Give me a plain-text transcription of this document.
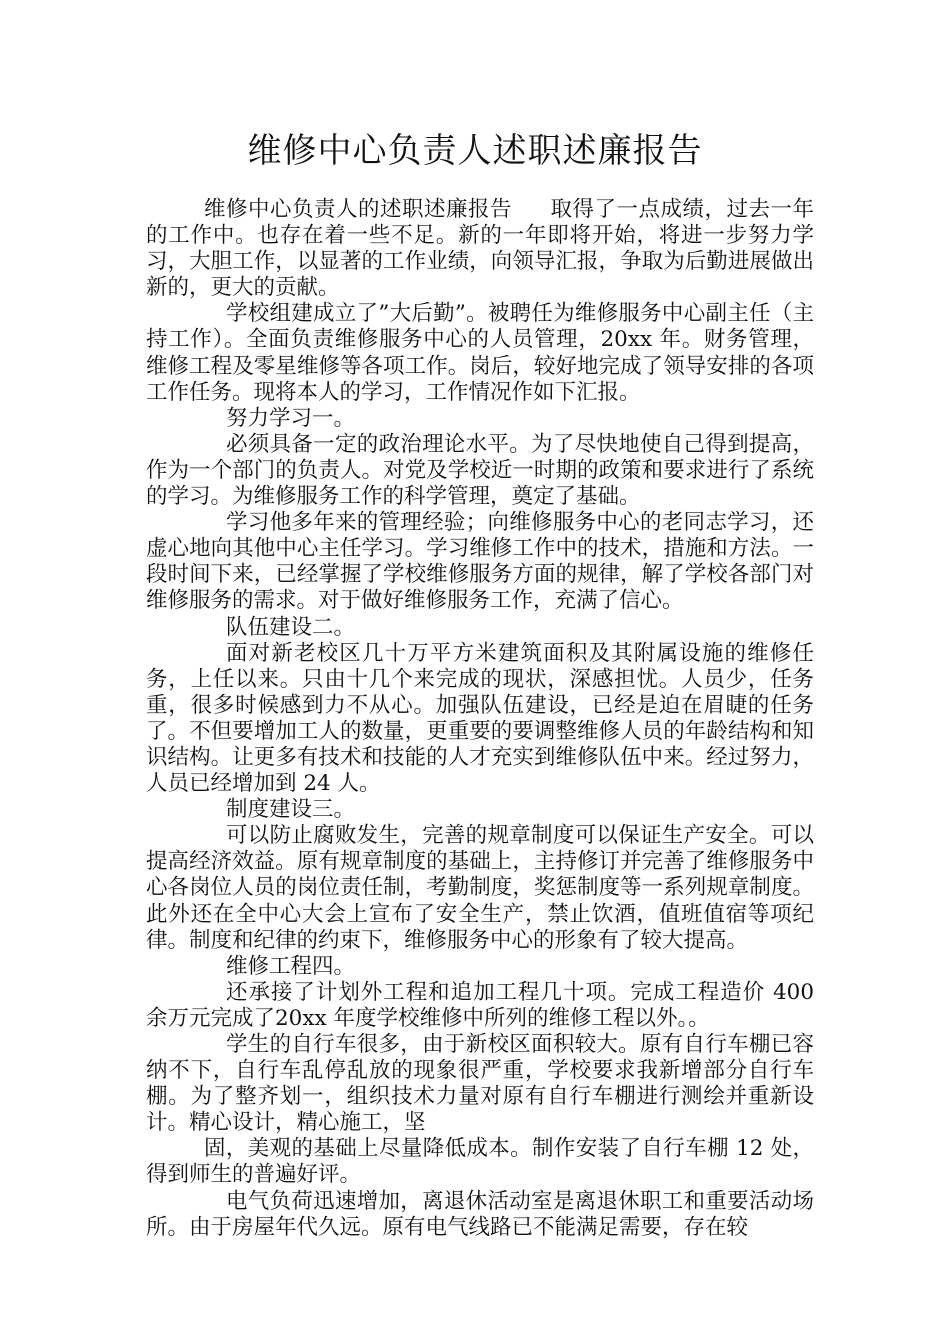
维修中心负责人述职述廉报告

维修中心负责人的述职述廉报告 取得了一点成绩，过去一年的工作中。也存在着一些不足。新的一年即将开始，将进一步努力学习，大胆工作，以显著的工作业绩，向领导汇报，争取为后勤进展做出新的，更大的贡献。

学校组建成立了”大后勤”。被聘任为维修服务中心副主任（主持工作）。全面负责维修服务中心的人员管理，20xx 年。财务管理，维修工程及零星维修等各项工作。岗后，较好地完成了领导安排的各项工作任务。现将本人的学习，工作情况作如下汇报。

努力学习一。

必须具备一定的政治理论水平。为了尽快地使自己得到提高，作为一个部门的负责人。对党及学校近一时期的政策和要求进行了系统的学习。为维修服务工作的科学管理，奠定了基础。

学习他多年来的管理经验；向维修服务中心的老同志学习，还虚心地向其他中心主任学习。学习维修工作中的技术，措施和方法。一段时间下来，已经掌握了学校维修服务方面的规律，解了学校各部门对维修服务的需求。对于做好维修服务工作，充满了信心。

队伍建设二。

面对新老校区几十万平方米建筑面积及其附属设施的维修任务，上任以来。只由十几个来完成的现状，深感担忧。人员少，任务重，很多时候感到力不从心。加强队伍建设，已经是迫在眉睫的任务了。不但要增加工人的数量，更重要的要调整维修人员的年龄结构和知识结构。让更多有技术和技能的人才充实到维修队伍中来。经过努力，人员已经增加到 24 人。

制度建设三。

可以防止腐败发生，完善的规章制度可以保证生产安全。可以提高经济效益。原有规章制度的基础上，主持修订并完善了维修服务中心各岗位人员的岗位责任制，考勤制度，奖惩制度等一系列规章制度。此外还在全中心大会上宣布了安全生产，禁止饮酒，值班值宿等项纪律。制度和纪律的约束下，维修服务中心的形象有了较大提高。

维修工程四。

还承接了计划外工程和追加工程几十项。完成工程造价 400 余万元完成了20xx 年度学校维修中所列的维修工程以外。。

学生的自行车很多，由于新校区面积较大。原有自行车棚已容纳不下，自行车乱停乱放的现象很严重，学校要求我新增部分自行车棚。为了整齐划一，组织技术力量对原有自行车棚进行测绘并重新设计。精心设计，精心施工，坚

固，美观的基础上尽量降低成本。制作安装了自行车棚 12 处，得到师生的普遍好评。

电气负荷迅速增加，离退休活动室是离退休职工和重要活动场所。由于房屋年代久远。原有电气线路已不能满足需要，存在较
